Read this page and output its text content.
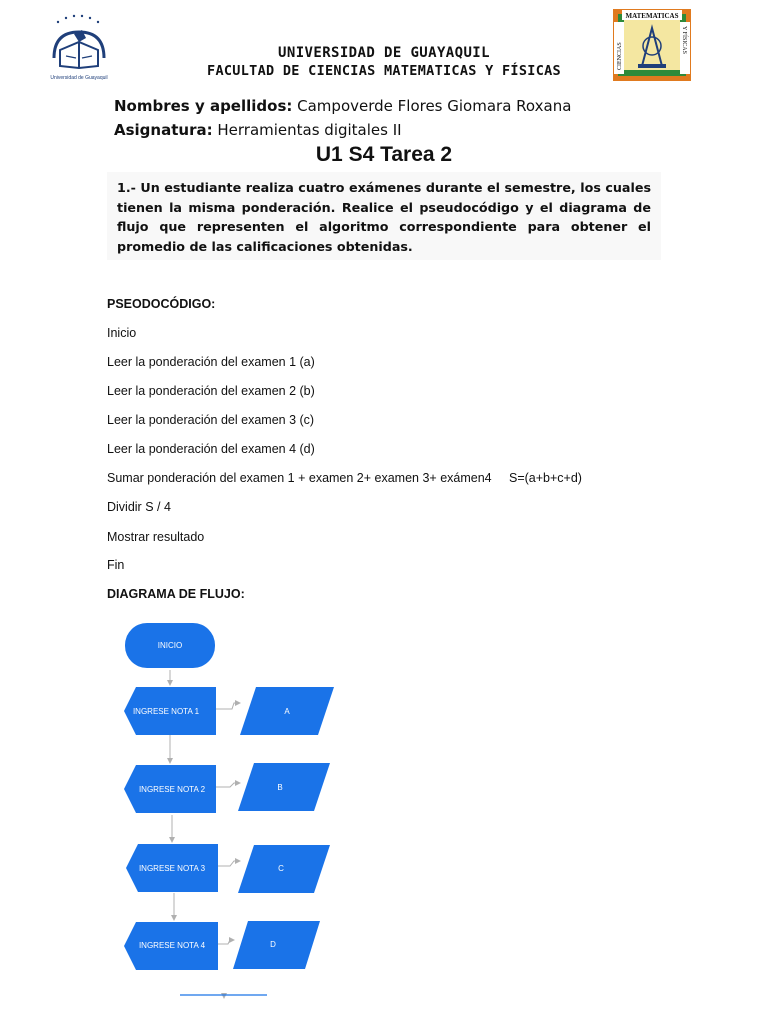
Universidad de Guayaquil
MATEMATICAS
CIENCIAS
Y FÍSICAS
UNIVERSIDAD DE GUAYAQUIL
FACULTAD DE CIENCIAS MATEMATICAS Y FÍSICAS
Nombres y apellidos: Campoverde Flores Giomara Roxana
Asignatura: Herramientas digitales II
U1 S4 Tarea 2

1.- Un estudiante realiza cuatro exámenes durante el semestre, los cuales tienen la misma ponderación. Realice el pseudocódigo y el diagrama de flujo que representen el algoritmo correspondiente para obtener el promedio de las calificaciones obtenidas.

PSEODOCÓDIGO:
Inicio
Leer la ponderación del examen 1 (a)
Leer la ponderación del examen 2 (b)
Leer la ponderación del examen 3 (c)
Leer la ponderación del examen 4 (d)
Sumar ponderación del examen 1 + examen 2+ examen 3+ exámen4     S=(a+b+c+d)
Dividir S / 4
Mostrar resultado
Fin
DIAGRAMA DE FLUJO:
INICIO
INGRESE NOTA 1
INGRESE NOTA 2
INGRESE NOTA 3
INGRESE NOTA 4
A
B
C
D
